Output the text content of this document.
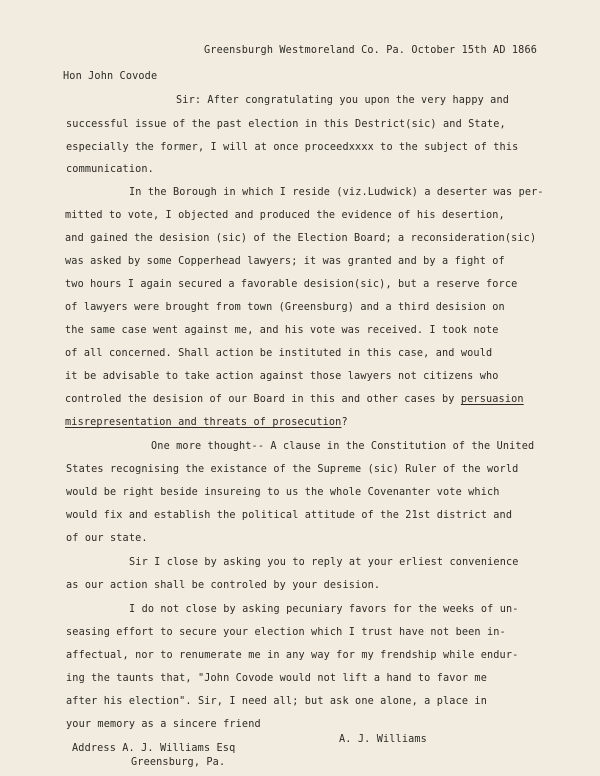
Greensburgh Westmoreland Co. Pa. October 15th AD 1866
Hon John Covode
Sir: After congratulating you upon the very happy and
successful issue of the past election in this Destrict(sic) and State,
especially the former, I will at once proceedxxxx to the subject of this
communication.
In the Borough in which I reside (viz.Ludwick) a deserter was per-
mitted to vote, I objected and produced the evidence of his desertion,
and gained the desision (sic) of the Election Board; a reconsideration(sic)
was asked by some Copperhead lawyers; it was granted and by a fight of
two hours I again secured a favorable desision(sic), but a reserve force
of lawyers were brought from town (Greensburg) and a third desision on
the same case went against me, and his vote was received. I took note
of all concerned. Shall action be instituted in this case, and would
it be advisable to take action against those lawyers not citizens who
controled the desision of our Board in this and other cases by persuasion
misrepresentation and threats of prosecution?
One more thought-- A clause in the Constitution of the United
States recognising the existance of the Supreme (sic) Ruler of the world
would be right beside insureing to us the whole Covenanter vote which
would fix and establish the political attitude of the 21st district and
of our state.
Sir I close by asking you to reply at your erliest convenience
as our action shall be controled by your desision.
I do not close by asking pecuniary favors for the weeks of un-
seasing effort to secure your election which I trust have not been in-
affectual, nor to renumerate me in any way for my frendship while endur-
ing the taunts that, "John Covode would not lift a hand to favor me
after his election". Sir, I need all; but ask one alone, a place in
your memory as a sincere friend
A. J. Williams
Address A. J. Williams Esq
Greensburg, Pa.
